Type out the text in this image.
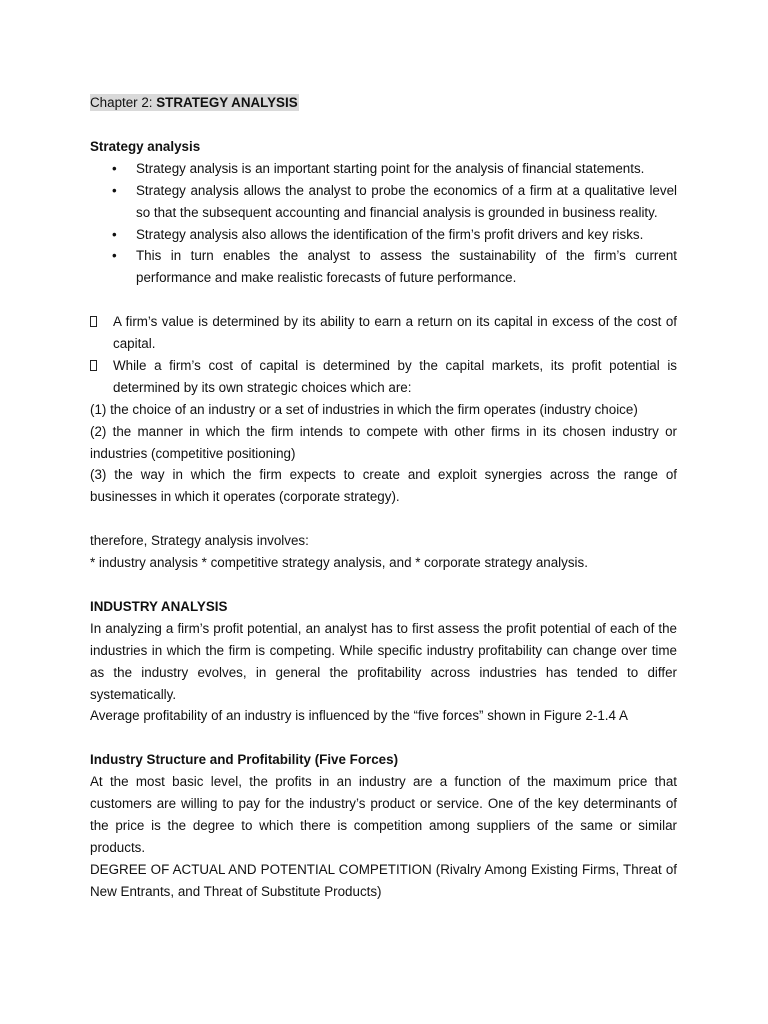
Chapter 2: STRATEGY ANALYSIS

Strategy analysis

• Strategy analysis is an important starting point for the analysis of financial statements.
• Strategy analysis allows the analyst to probe the economics of a firm at a qualitative level so that the subsequent accounting and financial analysis is grounded in business reality.
• Strategy analysis also allows the identification of the firm’s profit drivers and key risks.
• This in turn enables the analyst to assess the sustainability of the firm’s current performance and make realistic forecasts of future performance.
A firm’s value is determined by its ability to earn a return on its capital in excess of the cost of capital.
While a firm’s cost of capital is determined by the capital markets, its profit potential is determined by its own strategic choices which are:

(1) the choice of an industry or a set of industries in which the firm operates (industry choice)

(2) the manner in which the firm intends to compete with other firms in its chosen industry or industries (competitive positioning)

(3) the way in which the firm expects to create and exploit synergies across the range of businesses in which it operates (corporate strategy).

therefore, Strategy analysis involves:

* industry analysis * competitive strategy analysis, and * corporate strategy analysis.

INDUSTRY ANALYSIS

In analyzing a firm’s profit potential, an analyst has to first assess the profit potential of each of the industries in which the firm is competing. While specific industry profitability can change over time as the industry evolves, in general the profitability across industries has tended to differ systematically.

Average profitability of an industry is influenced by the “five forces” shown in Figure 2-1.4 A

Industry Structure and Profitability (Five Forces)

At the most basic level, the profits in an industry are a function of the maximum price that customers are willing to pay for the industry’s product or service. One of the key determinants of the price is the degree to which there is competition among suppliers of the same or similar products.

DEGREE OF ACTUAL AND POTENTIAL COMPETITION (Rivalry Among Existing Firms, Threat of New Entrants, and Threat of Substitute Products)
